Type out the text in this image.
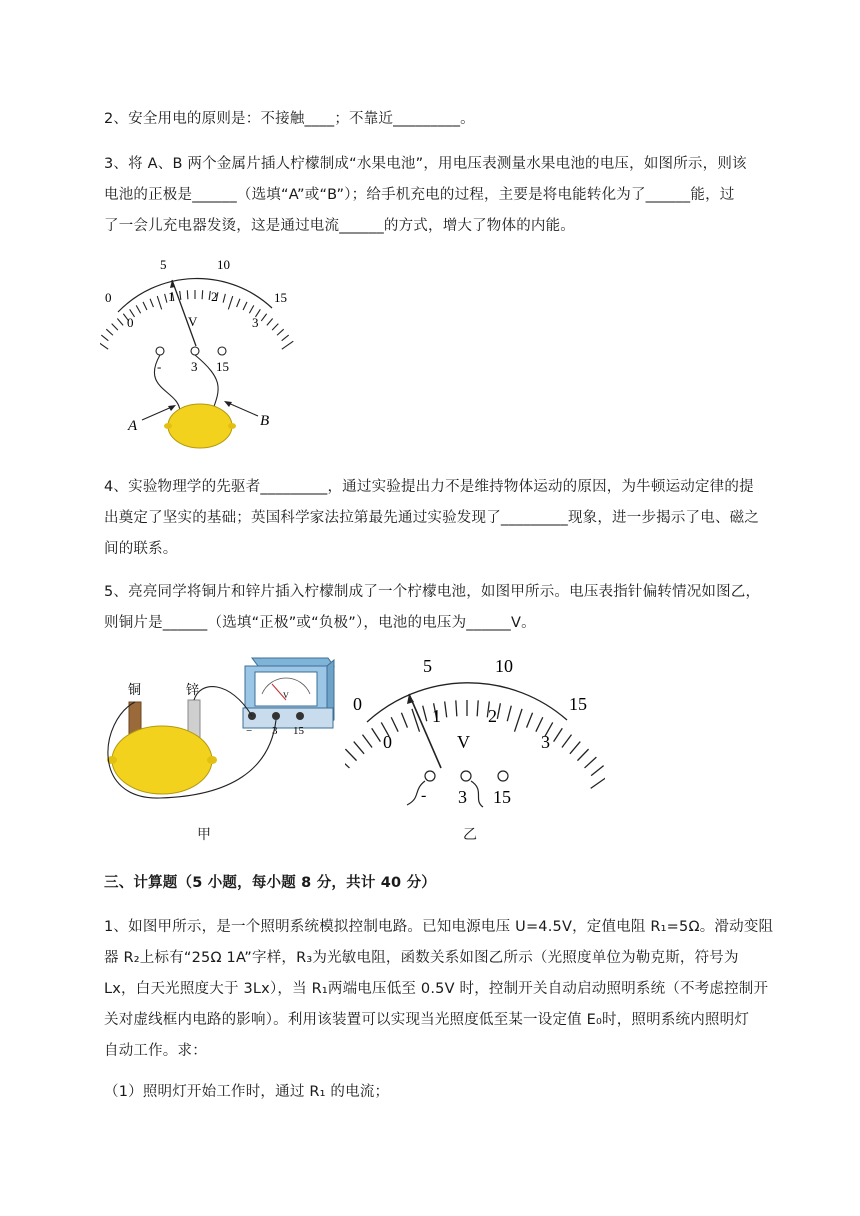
2、安全用电的原则是：不接触____；不靠近_________。
3、将 A、B 两个金属片插人柠檬制成“水果电池”，用电压表测量水果电池的电压，如图所示，则该
电池的正极是______（选填“A”或“B”）；给手机充电的过程，主要是将电能转化为了______能，过
了一会儿充电器发烫，这是通过电流______的方式，增大了物体的内能。
0
5	10
15
0
1	2
3
V
- 3 15
A	B
4、实验物理学的先驱者_________，通过实验提出力不是维持物体运动的原因，为牛顿运动定律的提
出奠定了坚实的基础；英国科学家法拉第最先通过实验发现了_________现象，进一步揭示了电、磁之
间的联系。
5、亮亮同学将铜片和锌片插入柠檬制成了一个柠檬电池，如图甲所示。电压表指针偏转情况如图乙，
则铜片是______（选填“正极”或“负极”），电池的电压为______V。
V
− 3 15
铜	锌
甲
0
5	10
15
0
1	2
3
V
- 3 15
乙
三、计算题（5 小题，每小题 8 分，共计 40 分）
1、如图甲所示，是一个照明系统模拟控制电路。已知电源电压 U=4.5V，定值电阻 R₁=5Ω。滑动变阻
器 R₂上标有“25Ω 1A”字样，R₃为光敏电阻，函数关系如图乙所示（光照度单位为勒克斯，符号为
Lx，白天光照度大于 3Lx），当 R₁两端电压低至 0.5V 时，控制开关自动启动照明系统（不考虑控制开
关对虚线框内电路的影响）。利用该装置可以实现当光照度低至某一设定值 E₀时，照明系统内照明灯
自动工作。求：
（1）照明灯开始工作时，通过 R₁ 的电流；
